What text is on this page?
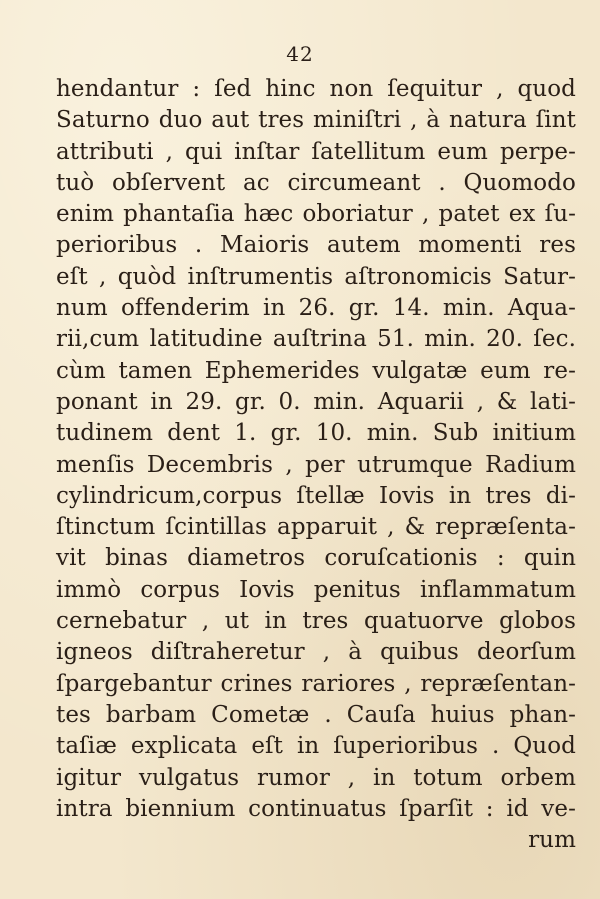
42
hendantur : ſed hinc non ſequitur , quod
Saturno duo aut tres miniſtri , à natura ſint
attributi , qui inſtar ſatellitum eum perpe-
tuò obſervent ac circumeant . Quomodo
enim phantaſia hæc oboriatur , patet ex ſu-
perioribus . Maioris autem momenti res
eſt , quòd inſtrumentis aſtronomicis Satur-
num offenderim in 26. gr. 14. min. Aqua-
rii,cum latitudine auſtrina 51. min. 20. ſec.
cùm tamen Ephemerides vulgatæ eum re-
ponant in 29. gr. 0. min. Aquarii , & lati-
tudinem dent 1. gr. 10. min. Sub initium
menſis Decembris , per utrumque Radium
cylindricum,corpus ſtellæ Iovis in tres di-
ſtinctum ſcintillas apparuit , & repræſenta-
vit binas diametros coruſcationis : quin
immò corpus Iovis penitus inflammatum
cernebatur , ut in tres quatuorve globos
igneos diſtraheretur , à quibus deorſum
ſpargebantur crines rariores , repræſentan-
tes barbam Cometæ . Cauſa huius phan-
taſiæ explicata eſt in ſuperioribus . Quod
igitur vulgatus rumor , in totum orbem
intra biennium continuatus ſparſit : id ve-
rum
